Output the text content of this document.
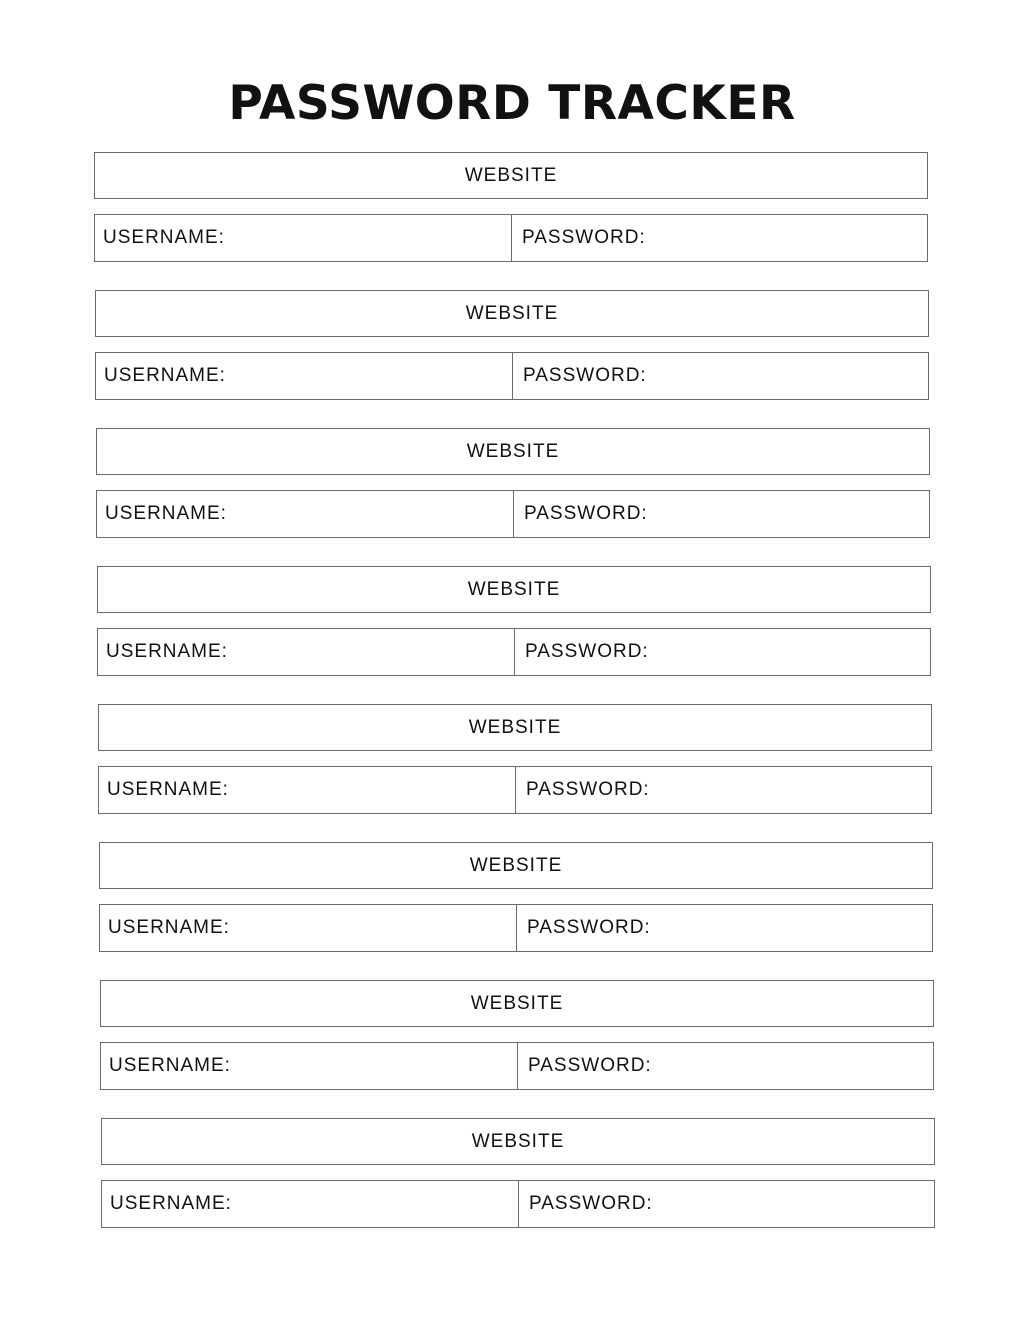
PASSWORD TRACKER
WEBSITE
USERNAME:	PASSWORD:
WEBSITE
USERNAME:	PASSWORD:
WEBSITE
USERNAME:	PASSWORD:
WEBSITE
USERNAME:	PASSWORD:
WEBSITE
USERNAME:	PASSWORD:
WEBSITE
USERNAME:	PASSWORD:
WEBSITE
USERNAME:	PASSWORD:
WEBSITE
USERNAME:	PASSWORD:
